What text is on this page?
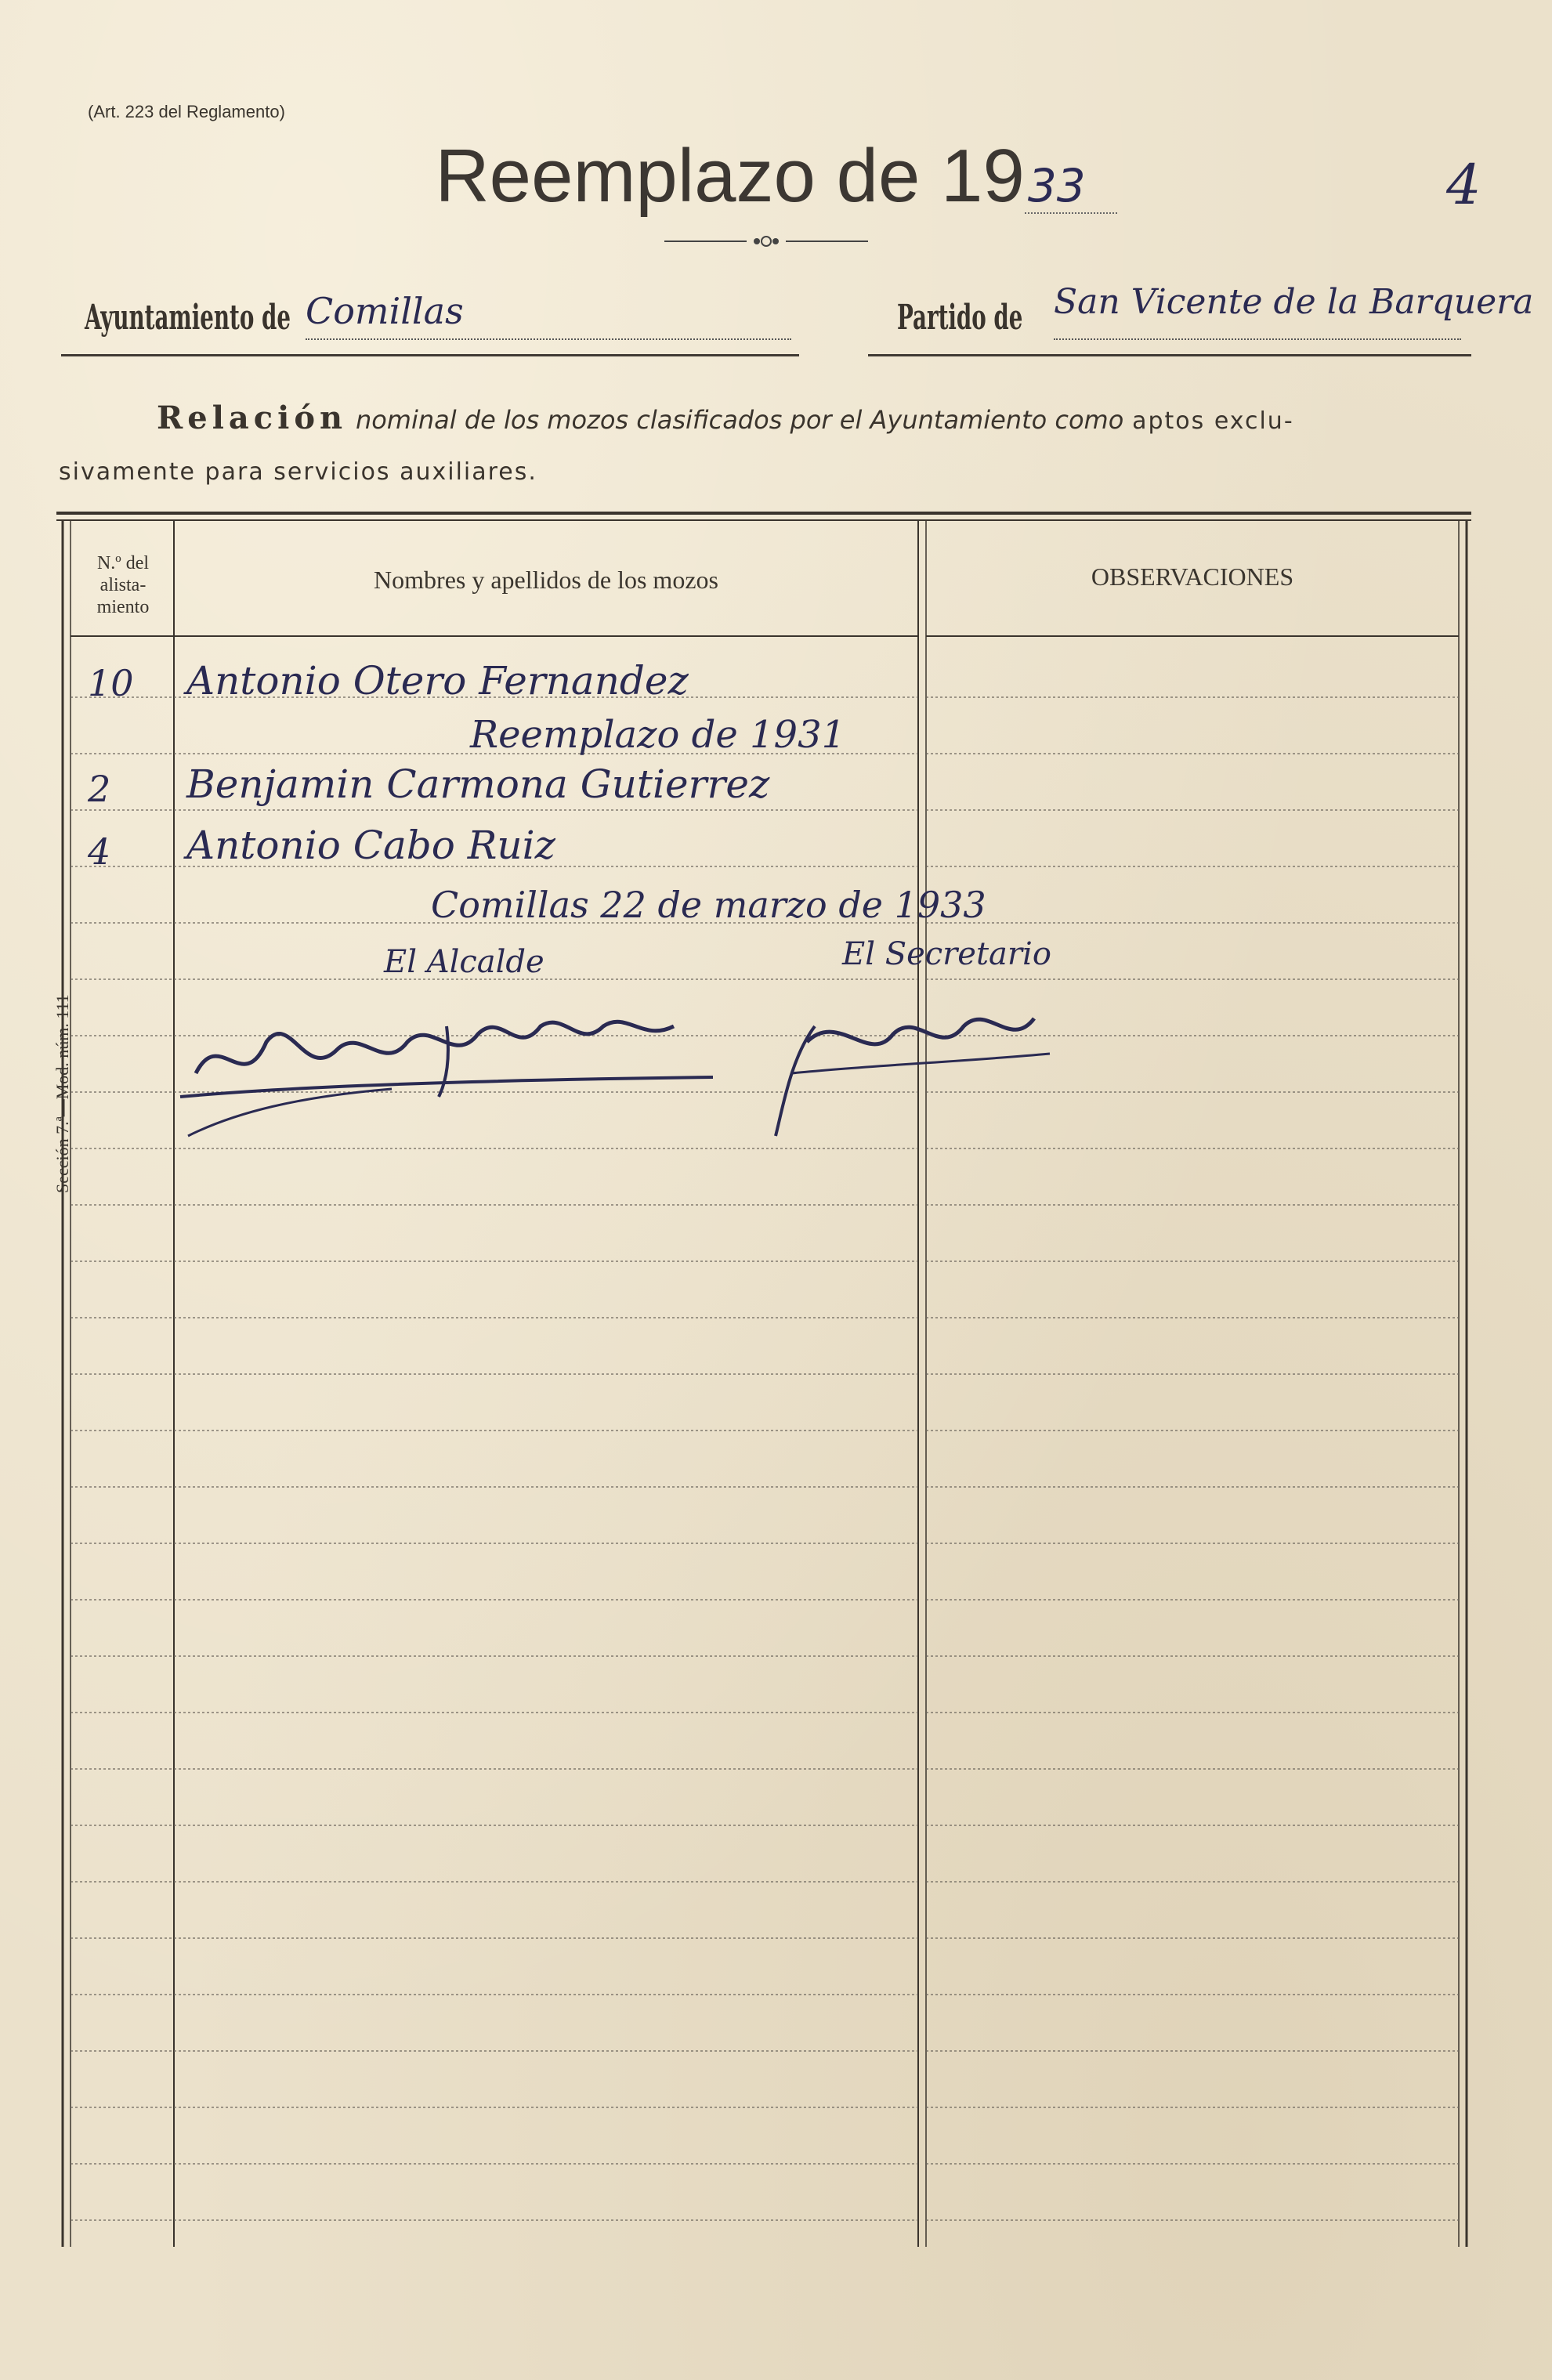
(Art. 223 del Reglamento)
Reemplazo de 1933	4
Ayuntamiento de Comillas	Partido de San Vicente de la Barquera
Relación nominal de los mozos clasificados por el Ayuntamiento como aptos exclu-
sivamente para servicios auxiliares.
N.º del alista- miento
Nombres y apellidos de los mozos	OBSERVACIONES
10 Antonio Otero Fernandez
Reemplazo de 1931
2 Benjamin Carmona Gutierrez
4 Antonio Cabo Ruiz
Comillas 22 de marzo de 1933
El Alcalde	El Secretario
Sección 7.ª—Mod. núm. 111
